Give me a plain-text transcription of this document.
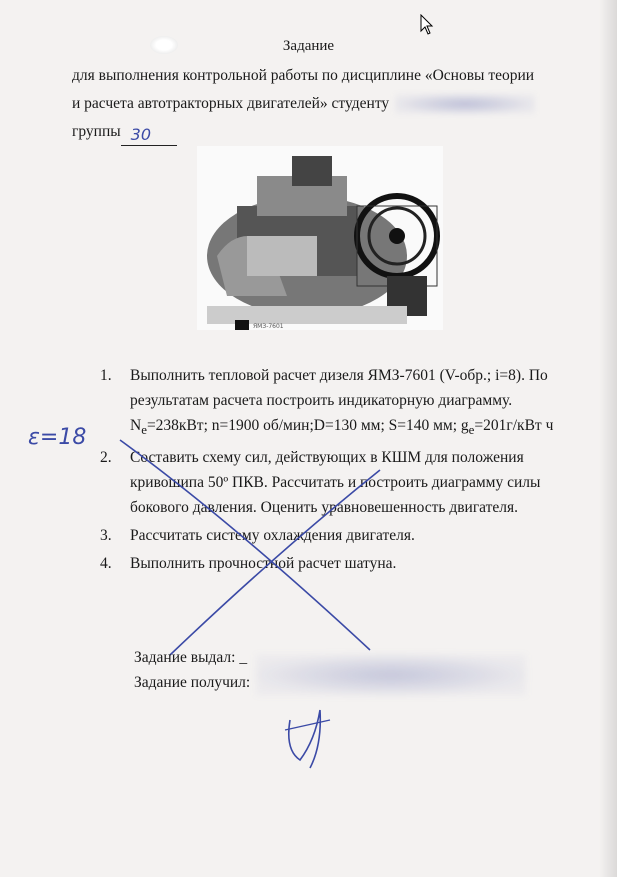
Задание
для выполнения контрольной работы по дисциплине «Основы теории
и расчета автотракторных двигателей» студенту
группы 30
ЯМЗ-7601
1. Выполнить тепловой расчет дизеля ЯМЗ-7601 (V-обр.; i=8). По результатам расчета построить индикаторную диаграмму.
$N_e=238кВт$; n=1900 об/мин;D=130 мм; S=140 мм; $g_e=201г$/кВт ч
2. Составить схему сил, действующих в КШМ для положения кривошипа 50º ПКВ. Рассчитать и построить диаграмму силы бокового давления. Оценить уравновешенность двигателя.
3. Рассчитать систему охлаждения двигателя.
4. Выполнить прочностной расчет шатуна.
ε=18
Задание выдал: _
Задание получил:
